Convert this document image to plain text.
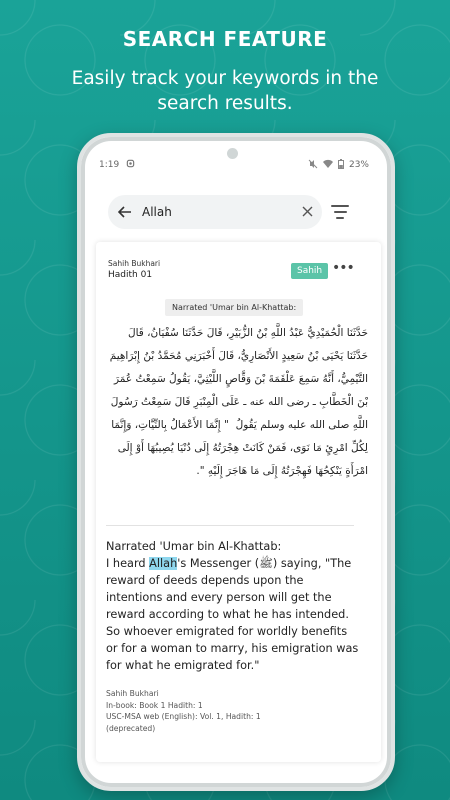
SEARCH FEATURE
Easily track your keywords in the search results.
1:19	23%
Allah
Sahih Bukhari
Hadith 01	Sahih •••
Narrated 'Umar bin Al-Khattab:
حَدَّثَنَا الْحُمَيْدِيُّ عَبْدُ اللَّهِ بْنُ الزُّبَيْرِ، قَالَ حَدَّثَنَا سُفْيَانُ، قَالَ حَدَّثَنَا يَحْيَى بْنُ سَعِيدٍ الأَنْصَارِيُّ، قَالَ أَخْبَرَنِي مُحَمَّدُ بْنُ إِبْرَاهِيمَ التَّيْمِيُّ، أَنَّهُ سَمِعَ عَلْقَمَةَ بْنَ وَقَّاصٍ اللَّيْثِيَّ، يَقُولُ سَمِعْتُ عُمَرَ بْنَ الْخَطَّابِ ـ رضى الله عنه ـ عَلَى الْمِنْبَرِ قَالَ سَمِعْتُ رَسُولَ اللَّهِ صلى الله عليه وسلم يَقُولُ ‏ "‏ إِنَّمَا الأَعْمَالُ بِالنِّيَّاتِ، وَإِنَّمَا لِكُلِّ امْرِئٍ مَا نَوَى، فَمَنْ كَانَتْ هِجْرَتُهُ إِلَى دُنْيَا يُصِيبُهَا أَوْ إِلَى امْرَأَةٍ يَنْكِحُهَا فَهِجْرَتُهُ إِلَى مَا هَاجَرَ إِلَيْهِ ‏"‏‏.‏
Narrated 'Umar bin Al-Khattab:
I heard Allah's Messenger (ﷺ) saying, "The reward of deeds depends upon the intentions and every person will get the reward according to what he has intended. So whoever emigrated for worldly benefits or for a woman to marry, his emigration was for what he emigrated for."
Sahih Bukhari
In-book: Book 1 Hadith: 1
USC-MSA web (English): Vol. 1, Hadith: 1
(deprecated)
